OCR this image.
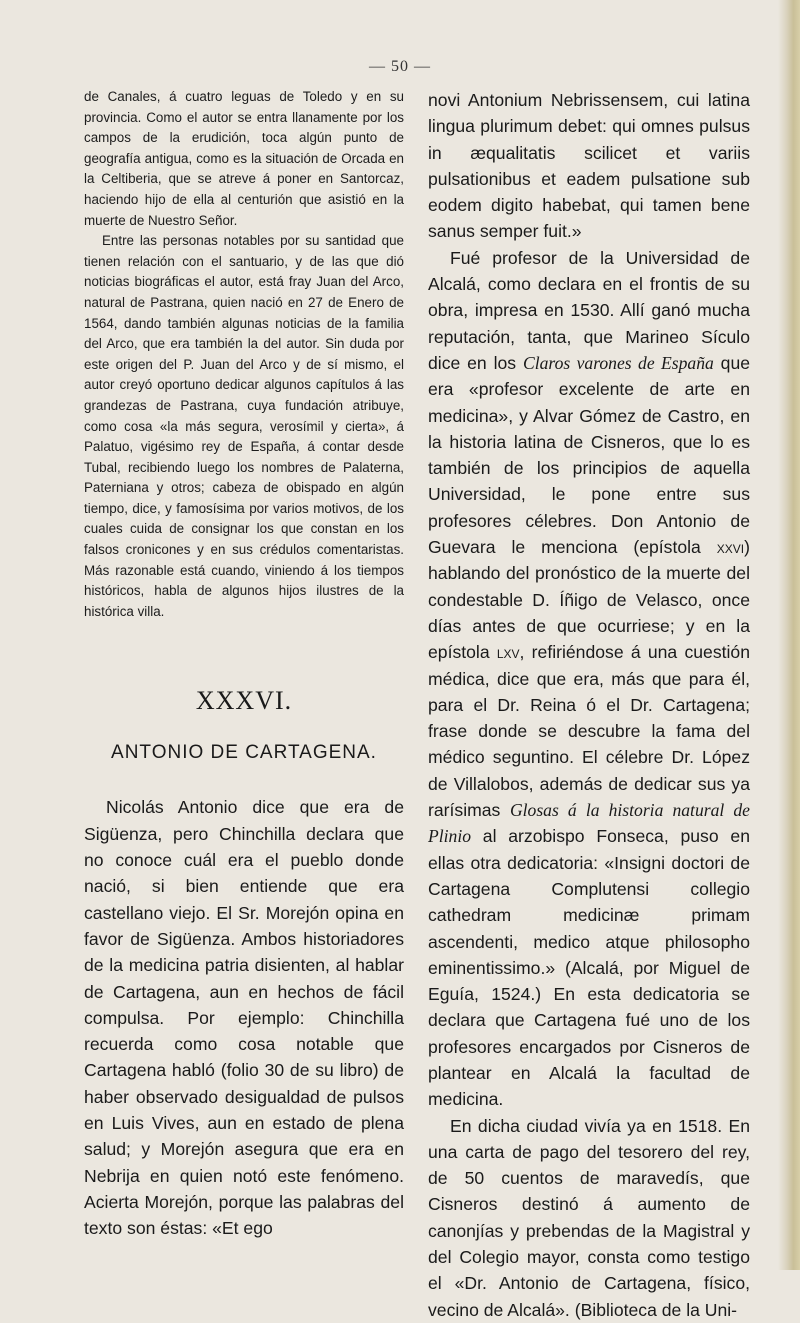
— 50 —

de Canales, á cuatro leguas de Toledo y en su provincia. Como el autor se entra llanamente por los campos de la erudición, toca algún punto de geografía antigua, como es la situación de Orcada en la Celtiberia, que se atreve á poner en Santorcaz, haciendo hijo de ella al centurión que asistió en la muerte de Nuestro Señor.

Entre las personas notables por su santidad que tienen relación con el santuario, y de las que dió noticias biográficas el autor, está fray Juan del Arco, natural de Pastrana, quien nació en 27 de Enero de 1564, dando también algunas noticias de la familia del Arco, que era también la del autor. Sin duda por este origen del P. Juan del Arco y de sí mismo, el autor creyó oportuno dedicar algunos capítulos á las grandezas de Pastrana, cuya fundación atribuye, como cosa «la más segura, verosímil y cierta», á Palatuo, vigésimo rey de España, á contar desde Tubal, recibiendo luego los nombres de Palaterna, Paterniana y otros; cabeza de obispado en algún tiempo, dice, y famosísima por varios motivos, de los cuales cuida de consignar los que constan en los falsos cronicones y en sus crédulos comentaristas. Más razonable está cuando, viniendo á los tiempos históricos, habla de algunos hijos ilustres de la histórica villa.

XXXVI.
ANTONIO DE CARTAGENA.

Nicolás Antonio dice que era de Sigüenza, pero Chinchilla declara que no conoce cuál era el pueblo donde nació, si bien entiende que era castellano viejo. El Sr. Morejón opina en favor de Sigüenza. Ambos historiadores de la medicina patria disienten, al hablar de Cartagena, aun en hechos de fácil compulsa. Por ejemplo: Chinchilla recuerda como cosa notable que Cartagena habló (folio 30 de su libro) de haber observado desigualdad de pulsos en Luis Vives, aun en estado de plena salud; y Morejón asegura que era en Nebrija en quien notó este fenómeno. Acierta Morejón, porque las palabras del texto son éstas: «Et ego

novi Antonium Nebrissensem, cui latina lingua plurimum debet: qui omnes pulsus in æqualitatis scilicet et variis pulsationibus et eadem pulsatione sub eodem digito habebat, qui tamen bene sanus semper fuit.»

Fué profesor de la Universidad de Alcalá, como declara en el frontis de su obra, impresa en 1530. Allí ganó mucha reputación, tanta, que Marineo Sículo dice en los Claros varones de España que era «profesor excelente de arte en medicina», y Alvar Gómez de Castro, en la historia latina de Cisneros, que lo es también de los principios de aquella Universidad, le pone entre sus profesores célebres. Don Antonio de Guevara le menciona (epístola xxvi) hablando del pronóstico de la muerte del condestable D. Íñigo de Velasco, once días antes de que ocurriese; y en la epístola lxv, refiriéndose á una cuestión médica, dice que era, más que para él, para el Dr. Reina ó el Dr. Cartagena; frase donde se descubre la fama del médico seguntino. El célebre Dr. López de Villalobos, además de dedicar sus ya rarísimas Glosas á la historia natural de Plinio al arzobispo Fonseca, puso en ellas otra dedicatoria: «Insigni doctori de Cartagena Complutensi collegio cathedram medicinæ primam ascendenti, medico atque philosopho eminentissimo.» (Alcalá, por Miguel de Eguía, 1524.) En esta dedicatoria se declara que Cartagena fué uno de los profesores encargados por Cisneros de plantear en Alcalá la facultad de medicina.

En dicha ciudad vivía ya en 1518. En una carta de pago del tesorero del rey, de 50 cuentos de maravedís, que Cisneros destinó á aumento de canonjías y prebendas de la Magistral y del Colegio mayor, consta como testigo el «Dr. Antonio de Cartagena, físico, vecino de Alcalá». (Biblioteca de la Uni-
